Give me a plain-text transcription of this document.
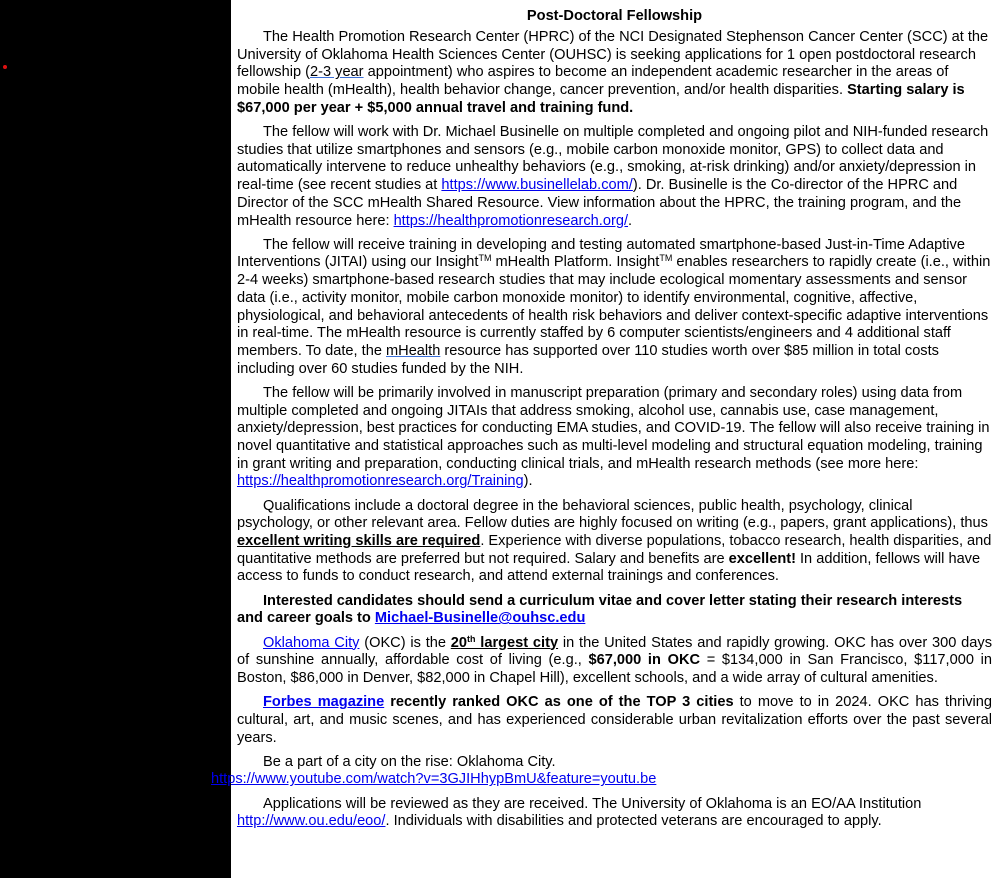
Post-Doctoral Fellowship

The Health Promotion Research Center (HPRC) of the NCI Designated Stephenson Cancer Center (SCC) at the University of Oklahoma Health Sciences Center (OUHSC) is seeking applications for 1 open postdoctoral research fellowship (2-3 year appointment) who aspires to become an independent academic researcher in the areas of mobile health (mHealth), health behavior change, cancer prevention, and/or health disparities. Starting salary is $67,000 per year + $5,000 annual travel and training fund.

The fellow will work with Dr. Michael Businelle on multiple completed and ongoing pilot and NIH-funded research studies that utilize smartphones and sensors (e.g., mobile carbon monoxide monitor, GPS) to collect data and automatically intervene to reduce unhealthy behaviors (e.g., smoking, at-risk drinking) and/or anxiety/depression in real-time (see recent studies at https://www.businellelab.com/). Dr. Businelle is the Co-director of the HPRC and Director of the SCC mHealth Shared Resource. View information about the HPRC, the training program, and the mHealth resource here: https://healthpromotionresearch.org/.

The fellow will receive training in developing and testing automated smartphone-based Just-in-Time Adaptive Interventions (JITAI) using our Insight™ mHealth Platform. Insight™ enables researchers to rapidly create (i.e., within 2-4 weeks) smartphone-based research studies that may include ecological momentary assessments and sensor data (i.e., activity monitor, mobile carbon monoxide monitor) to identify environmental, cognitive, affective, physiological, and behavioral antecedents of health risk behaviors and deliver context-specific adaptive interventions in real-time. The mHealth resource is currently staffed by 6 computer scientists/engineers and 4 additional staff members. To date, the mHealth resource has supported over 110 studies worth over $85 million in total costs including over 60 studies funded by the NIH.

The fellow will be primarily involved in manuscript preparation (primary and secondary roles) using data from multiple completed and ongoing JITAIs that address smoking, alcohol use, cannabis use, case management, anxiety/depression, best practices for conducting EMA studies, and COVID-19. The fellow will also receive training in novel quantitative and statistical approaches such as multi-level modeling and structural equation modeling, training in grant writing and preparation, conducting clinical trials, and mHealth research methods (see more here: https://healthpromotionresearch.org/Training).

Qualifications include a doctoral degree in the behavioral sciences, public health, psychology, clinical psychology, or other relevant area. Fellow duties are highly focused on writing (e.g., papers, grant applications), thus excellent writing skills are required. Experience with diverse populations, tobacco research, health disparities, and quantitative methods are preferred but not required. Salary and benefits are excellent! In addition, fellows will have access to funds to conduct research, and attend external trainings and conferences.

Interested candidates should send a curriculum vitae and cover letter stating their research interests and career goals to Michael-Businelle@ouhsc.edu

Oklahoma City (OKC) is the 20th largest city in the United States and rapidly growing. OKC has over 300 days of sunshine annually, affordable cost of living (e.g., $67,000 in OKC = $134,000 in San Francisco, $117,000 in Boston, $86,000 in Denver, $82,000 in Chapel Hill), excellent schools, and a wide array of cultural amenities.

Forbes magazine recently ranked OKC as one of the TOP 3 cities to move to in 2024. OKC has thriving cultural, art, and music scenes, and has experienced considerable urban revitalization efforts over the past several years.

Be a part of a city on the rise: Oklahoma City.
https://www.youtube.com/watch?v=3GJIHhypBmU&feature=youtu.be

Applications will be reviewed as they are received. The University of Oklahoma is an EO/AA Institution http://www.ou.edu/eoo/. Individuals with disabilities and protected veterans are encouraged to apply.
